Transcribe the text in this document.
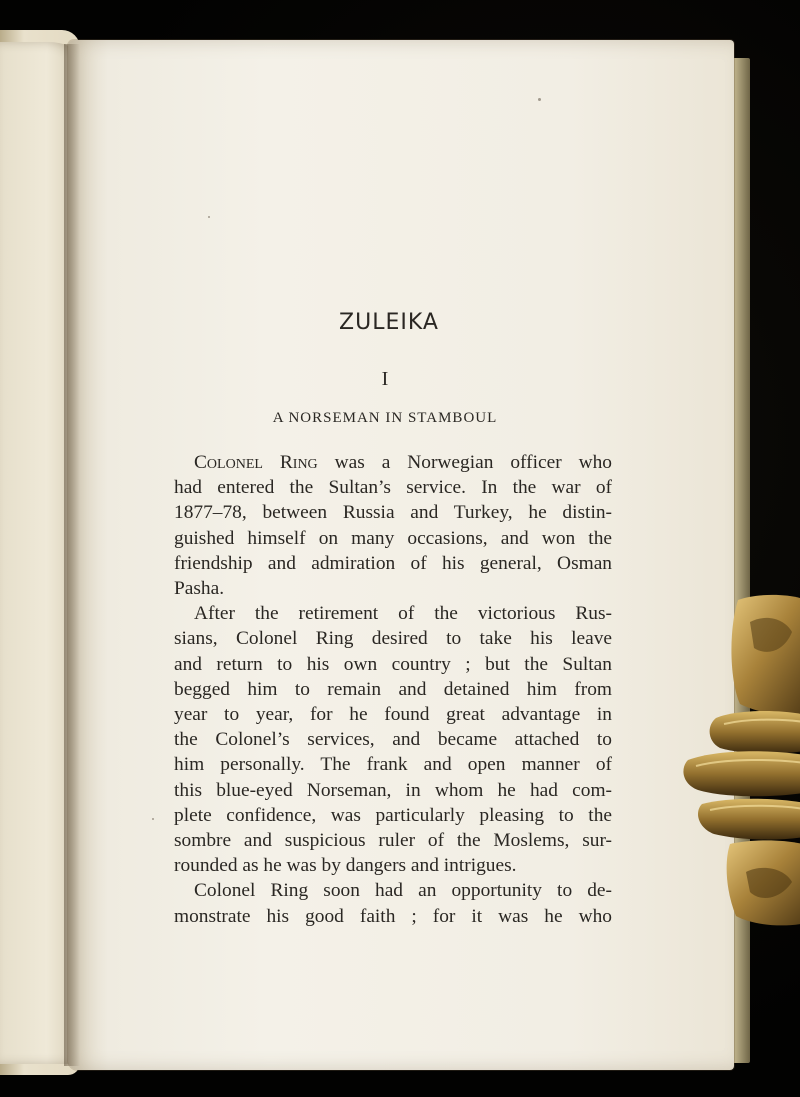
ZULEIKA
I
A NORSEMAN IN STAMBOUL
Colonel Ring was a Norwegian officer who
had entered the Sultan’s service. In the war of
1877–78, between Russia and Turkey, he distin-
guished himself on many occasions, and won the
friendship and admiration of his general, Osman
Pasha.
After the retirement of the victorious Rus-
sians, Colonel Ring desired to take his leave
and return to his own country ; but the Sultan
begged him to remain and detained him from
year to year, for he found great advantage in
the Colonel’s services, and became attached to
him personally. The frank and open manner of
this blue-eyed Norseman, in whom he had com-
plete confidence, was particularly pleasing to the
sombre and suspicious ruler of the Moslems, sur-
rounded as he was by dangers and intrigues.
Colonel Ring soon had an opportunity to de-
monstrate his good faith ; for it was he who
